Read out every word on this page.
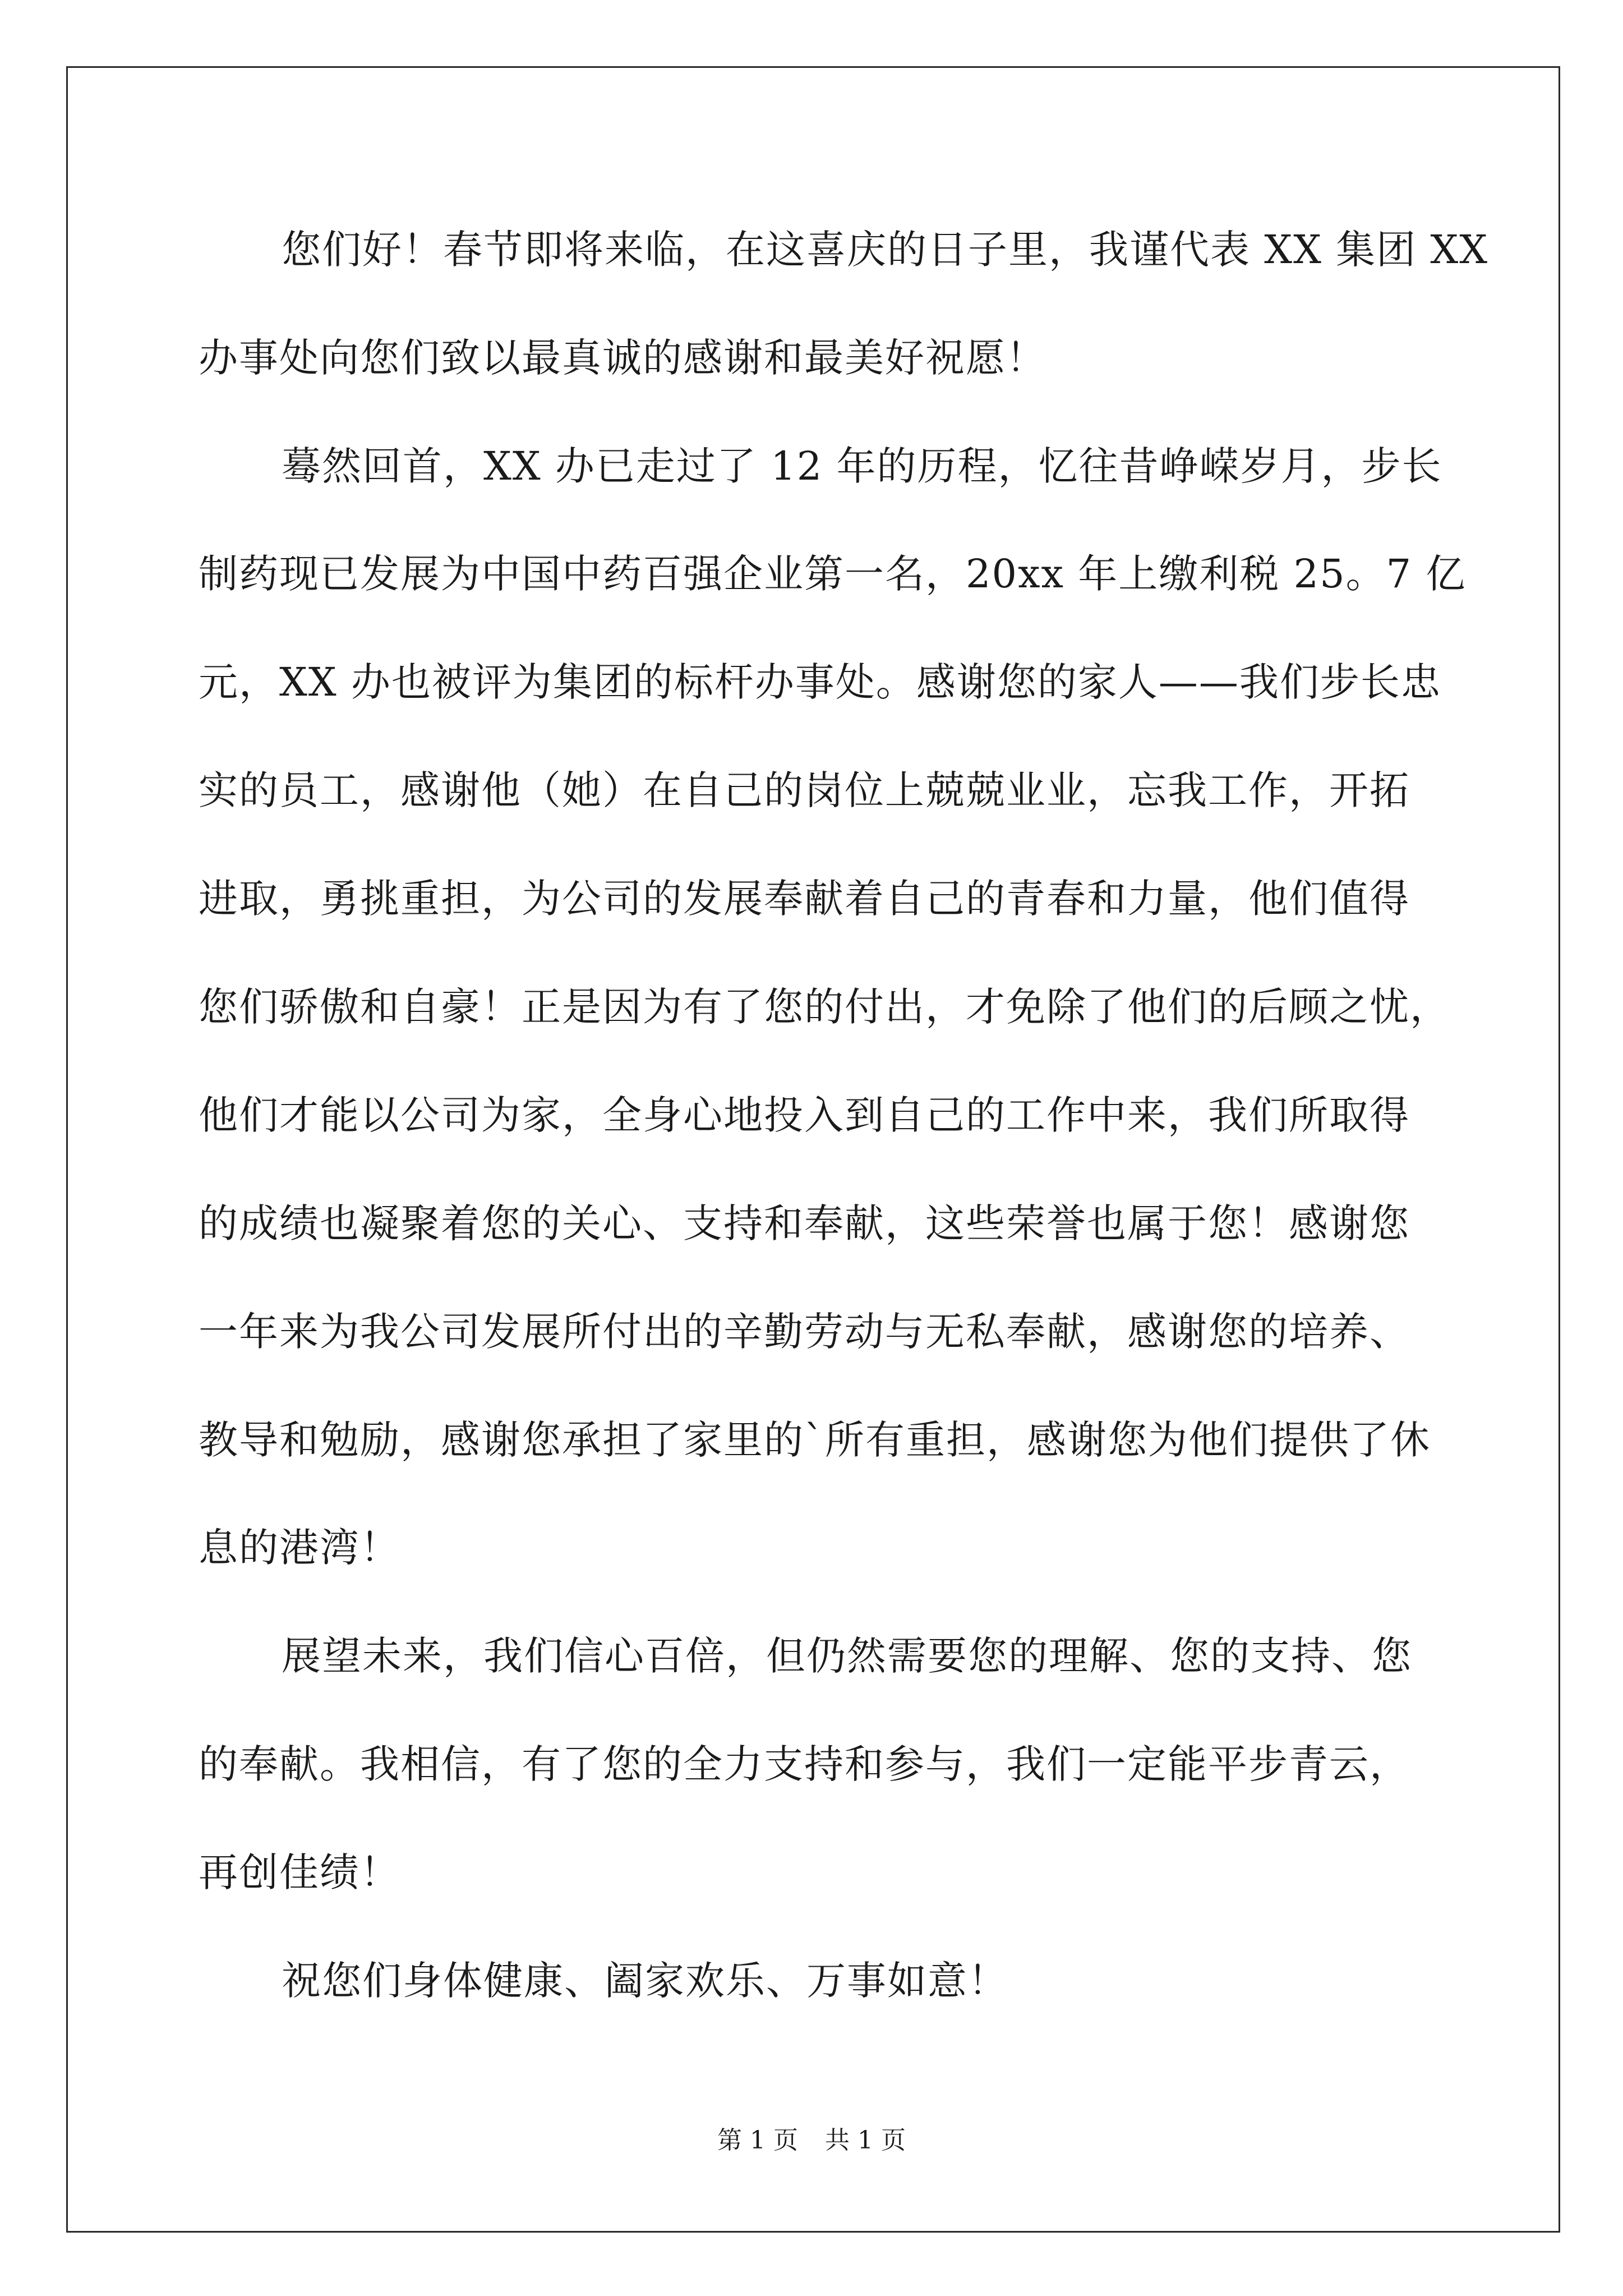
您们好！春节即将来临，在这喜庆的日子里，我谨代表 XX 集团 XX
办事处向您们致以最真诚的感谢和最美好祝愿！
蓦然回首，XX 办已走过了 12 年的历程，忆往昔峥嵘岁月，步长
制药现已发展为中国中药百强企业第一名，20xx 年上缴利税 25。7 亿
元，XX 办也被评为集团的标杆办事处。感谢您的家人——我们步长忠
实的员工，感谢他（她）在自己的岗位上兢兢业业，忘我工作，开拓
进取，勇挑重担，为公司的发展奉献着自己的青春和力量，他们值得
您们骄傲和自豪！正是因为有了您的付出，才免除了他们的后顾之忧，
他们才能以公司为家，全身心地投入到自己的工作中来，我们所取得
的成绩也凝聚着您的关心、支持和奉献，这些荣誉也属于您！感谢您
一年来为我公司发展所付出的辛勤劳动与无私奉献，感谢您的培养、
教导和勉励，感谢您承担了家里的`所有重担，感谢您为他们提供了休
息的港湾！
展望未来，我们信心百倍，但仍然需要您的理解、您的支持、您
的奉献。我相信，有了您的全力支持和参与，我们一定能平步青云，
再创佳绩！
祝您们身体健康、阖家欢乐、万事如意！
第 1 页 共 1 页
